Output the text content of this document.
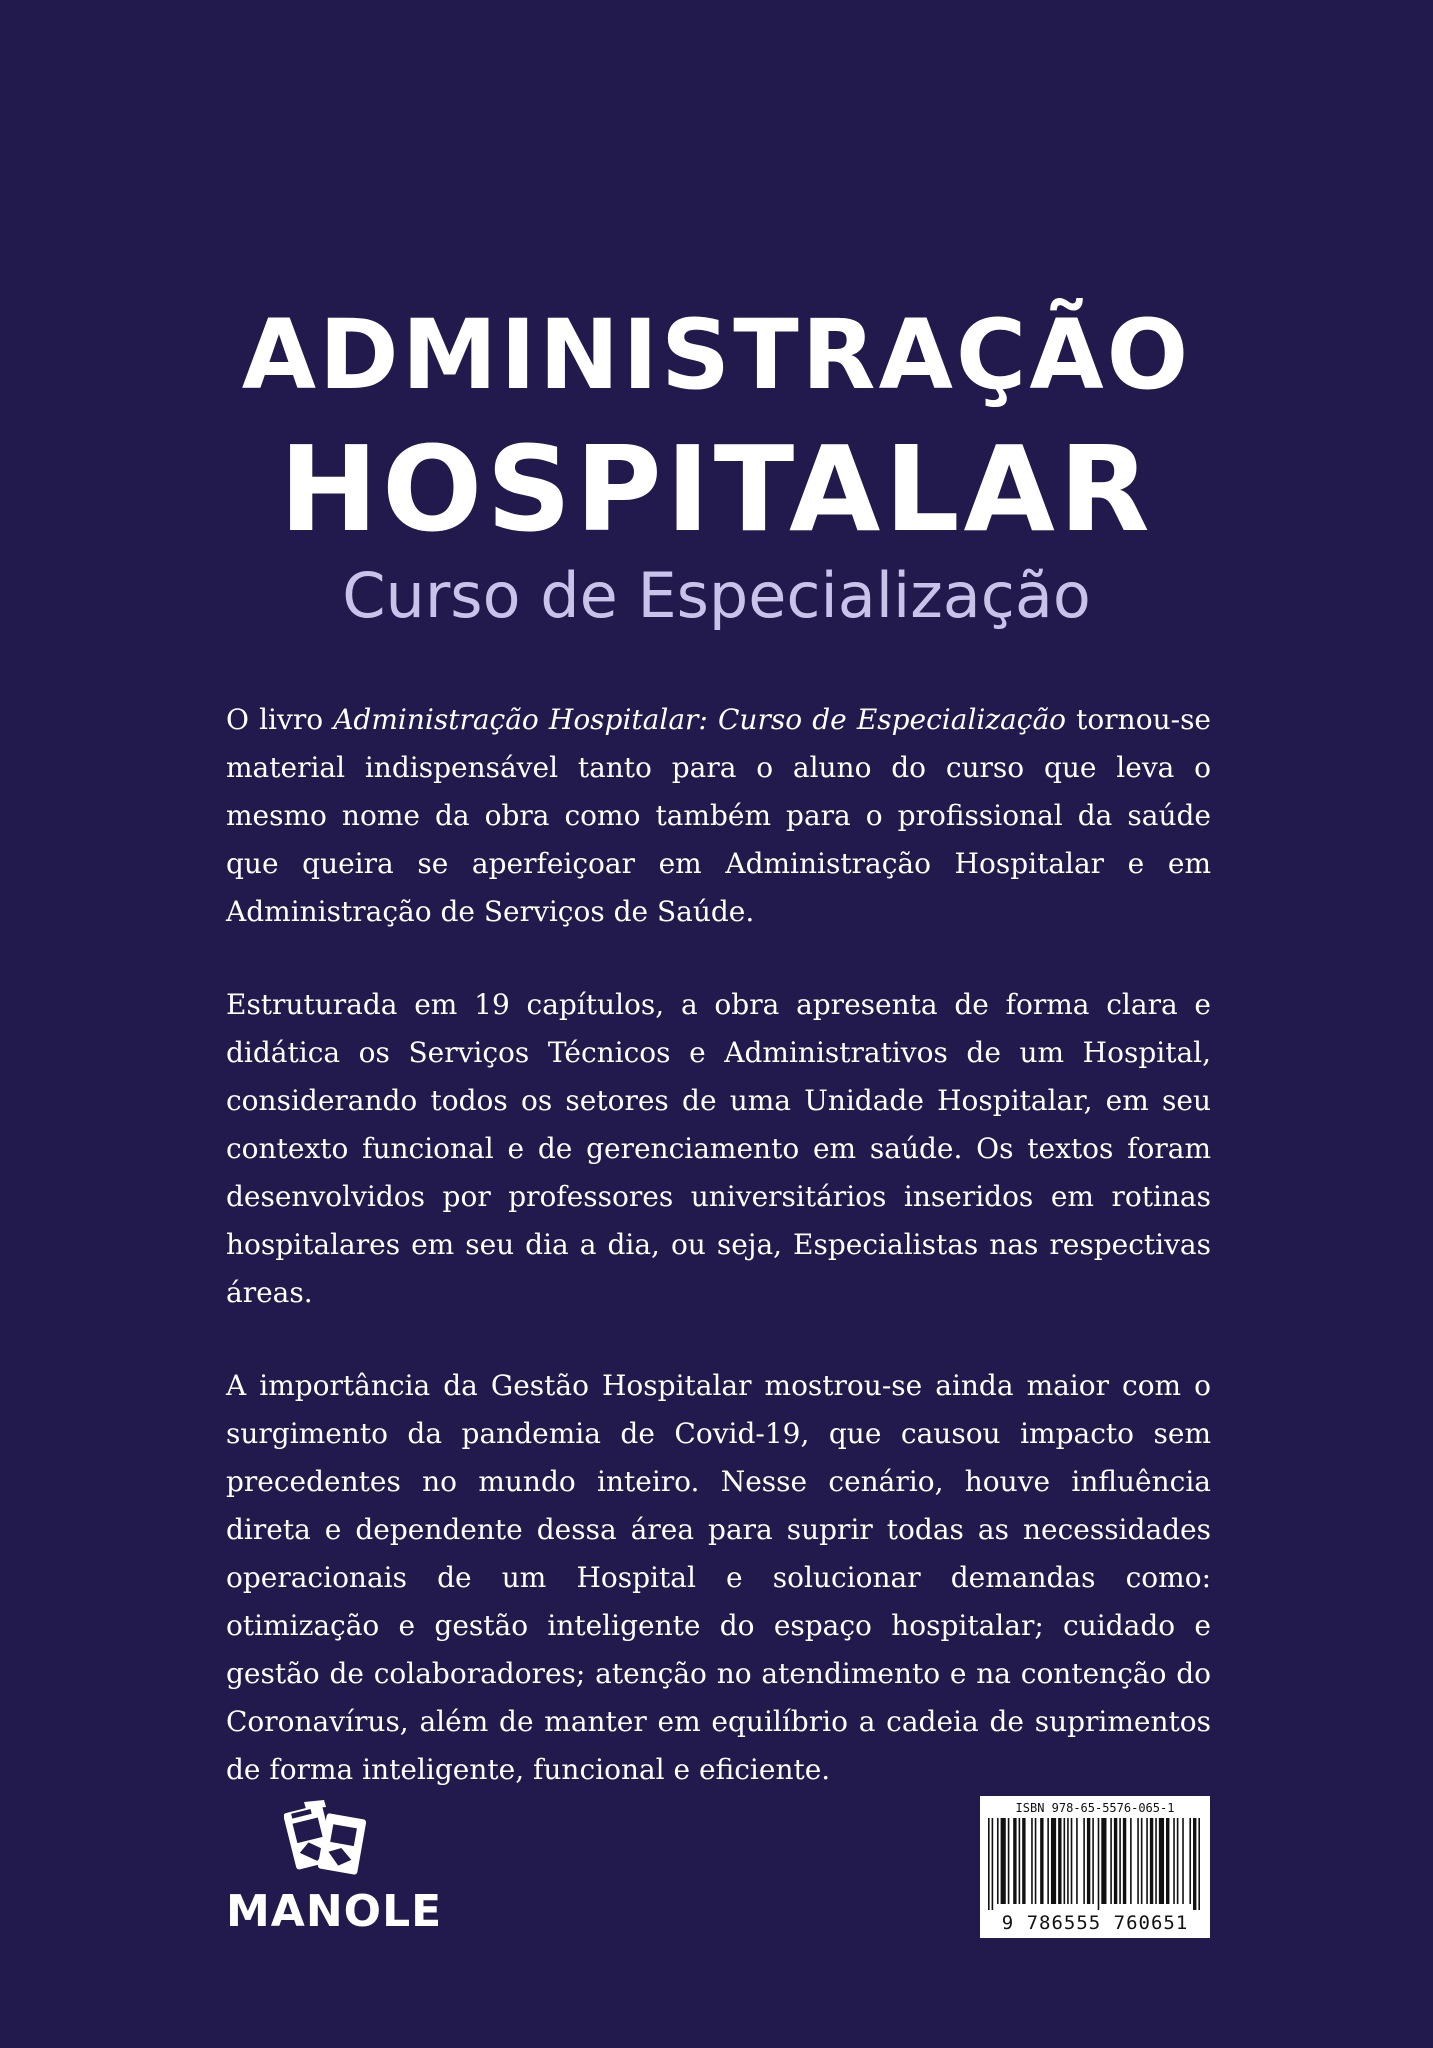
ADMINISTRAÇÃO
HOSPITALAR
Curso de Especialização

O livro Administração Hospitalar: Curso de Especialização tornou-se material indispensável tanto para o aluno do curso que leva o mesmo nome da obra como também para o profissional da saúde que queira se aperfeiçoar em Administração Hospitalar e em Administração de Serviços de Saúde.

Estruturada em 19 capítulos, a obra apresenta de forma clara e didática os Serviços Técnicos e Administrativos de um Hospital, considerando todos os setores de uma Unidade Hospitalar, em seu contexto funcional e de gerenciamento em saúde. Os textos foram desenvolvidos por professores universitários inseridos em rotinas hospitalares em seu dia a dia, ou seja, Especialistas nas respectivas áreas.

A importância da Gestão Hospitalar mostrou-se ainda maior com o surgimento da pandemia de Covid-19, que causou impacto sem precedentes no mundo inteiro. Nesse cenário, houve influência direta e dependente dessa área para suprir todas as necessidades operacionais de um Hospital e solucionar demandas como: otimização e gestão inteligente do espaço hospitalar; cuidado e gestão de colaboradores; atenção no atendimento e na contenção do Coronavírus, além de manter em equilíbrio a cadeia de suprimentos de forma inteligente, funcional e eficiente.

MANOLE
ISBN 978-65-5576-065-1
9 786555 760651
